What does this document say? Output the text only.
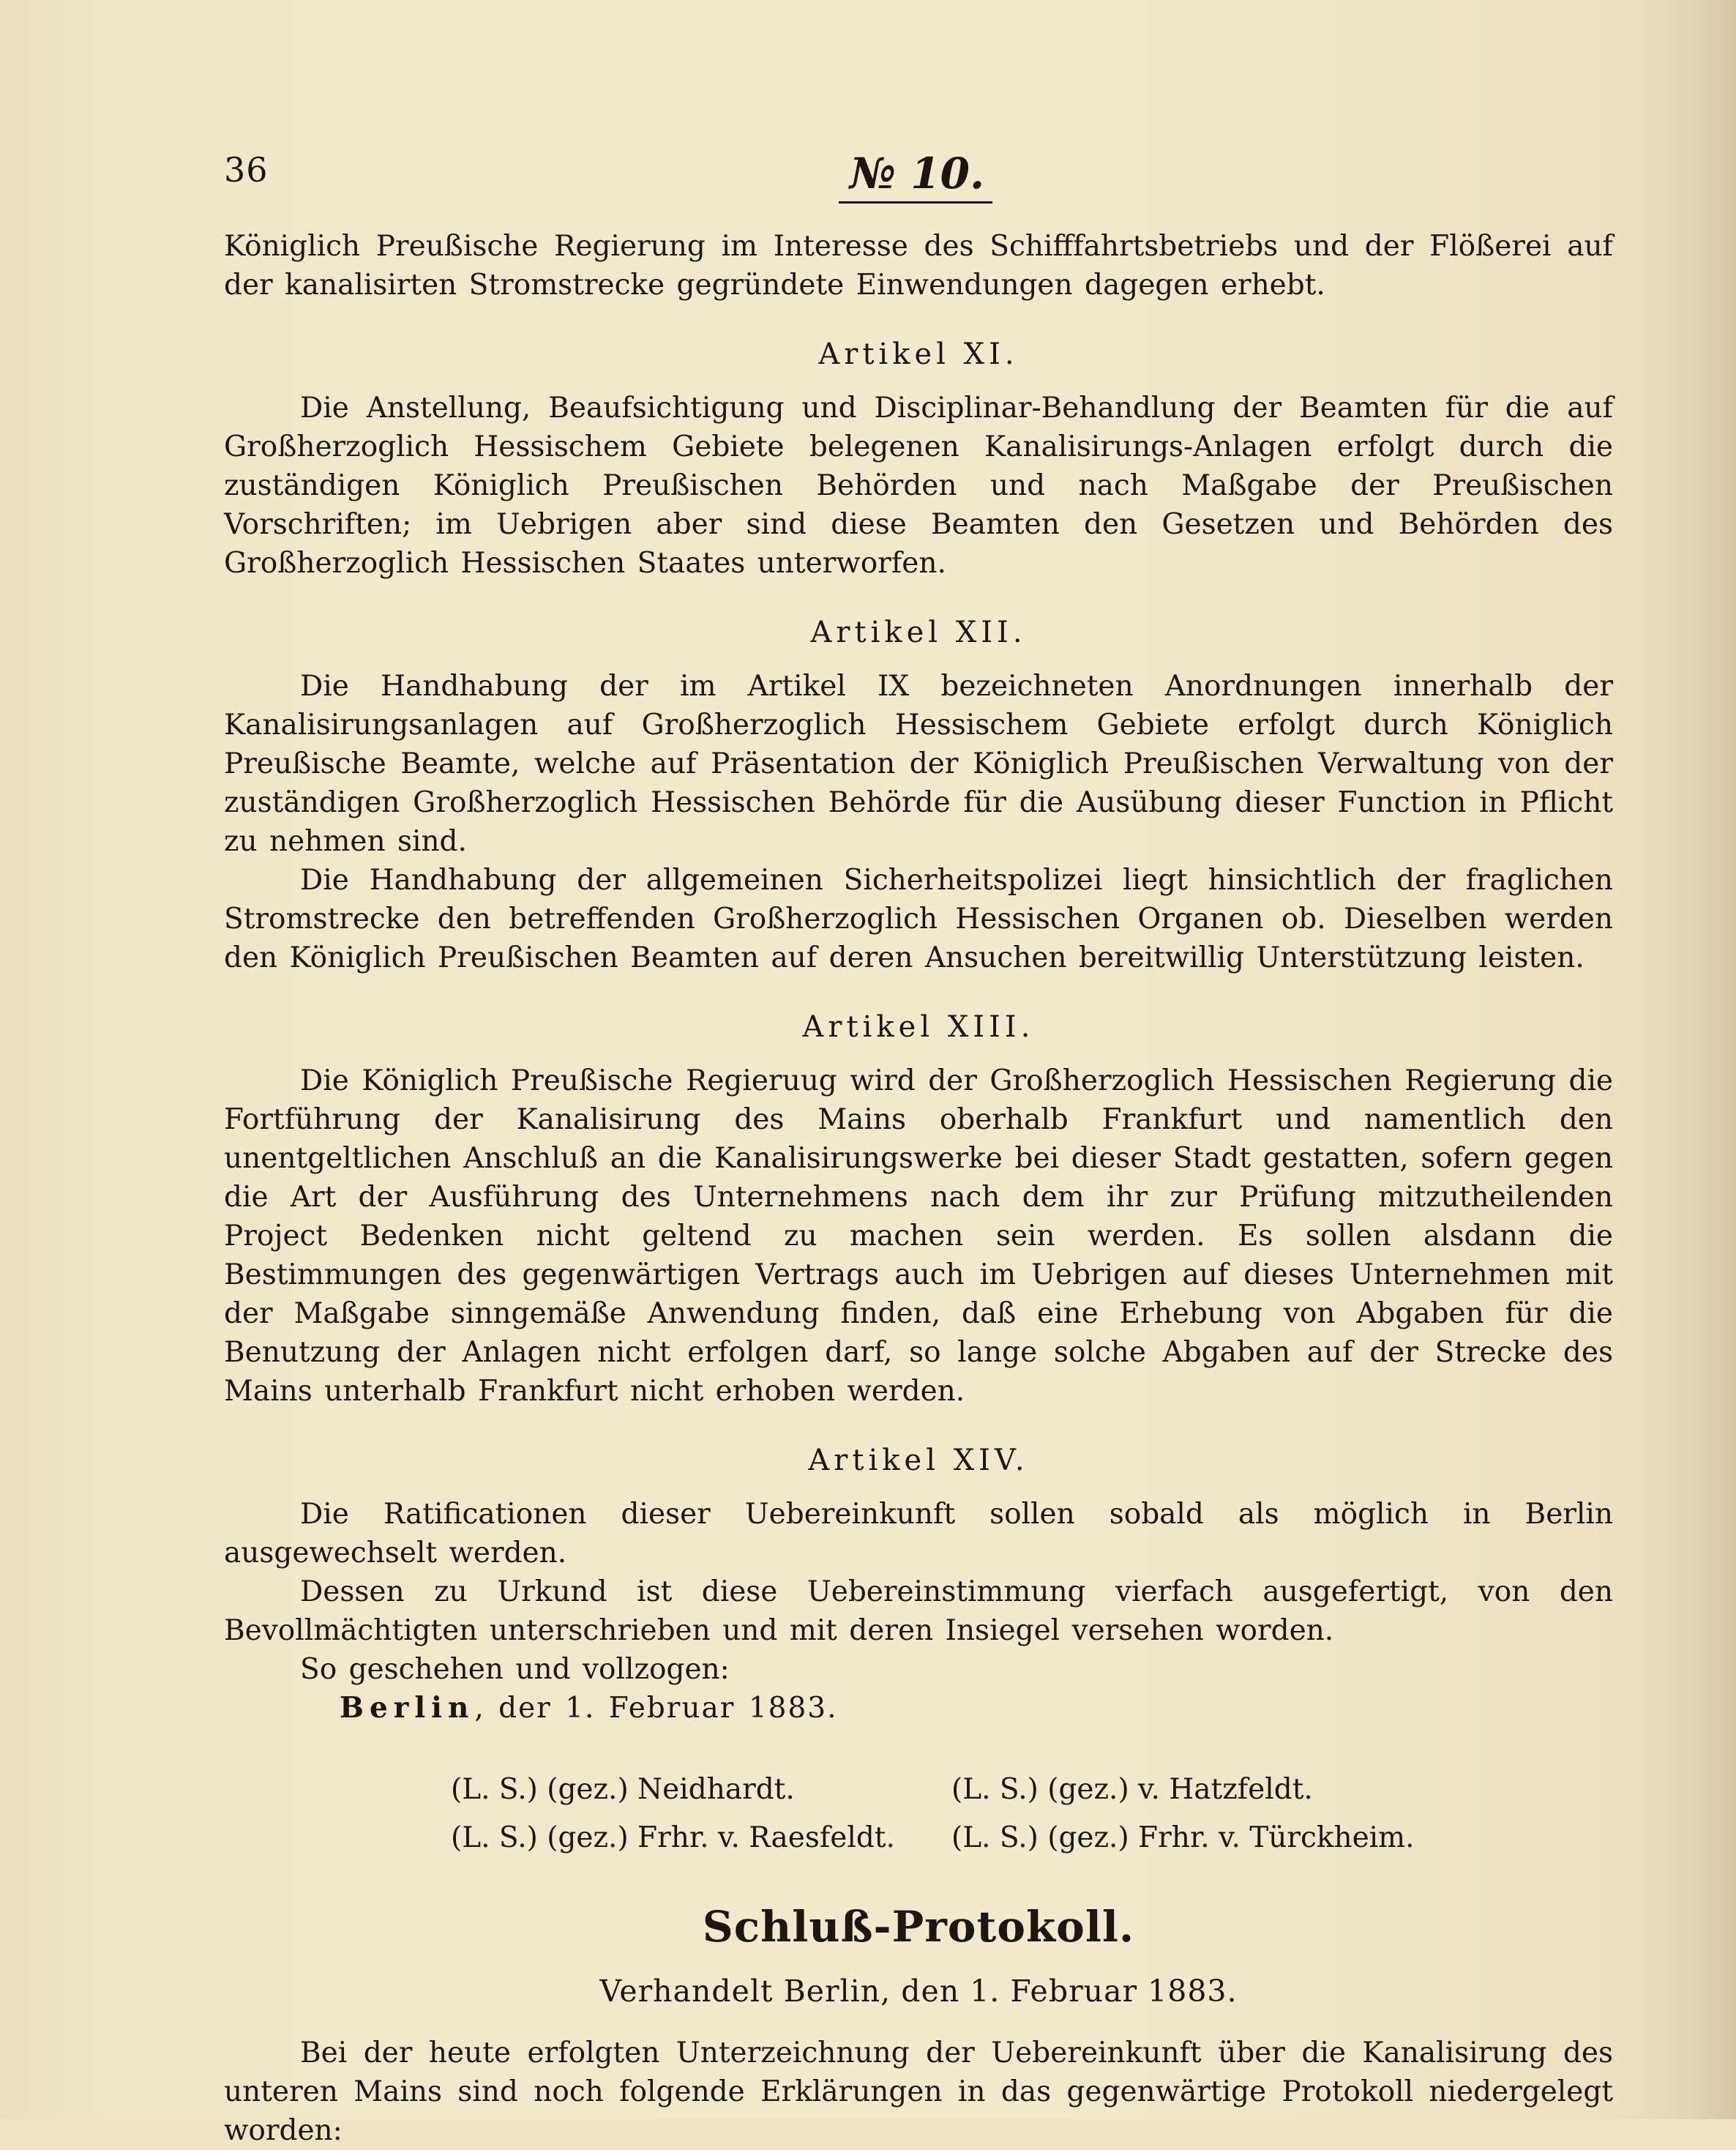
36	№ 10.

Königlich Preußische Regierung im Interesse des Schifffahrtsbetriebs und der Flößerei auf der kanalisirten Stromstrecke gegründete Einwendungen dagegen erhebt.

Artikel XI.

Die Anstellung, Beaufsichtigung und Disciplinar-Behandlung der Beamten für die auf Großherzoglich Hessischem Gebiete belegenen Kanalisirungs-Anlagen erfolgt durch die zuständigen Königlich Preußischen Behörden und nach Maßgabe der Preußischen Vorschriften; im Uebrigen aber sind diese Beamten den Gesetzen und Behörden des Großherzoglich Hessischen Staates unterworfen.

Artikel XII.

Die Handhabung der im Artikel IX bezeichneten Anordnungen innerhalb der Kanalisirungsanlagen auf Großherzoglich Hessischem Gebiete erfolgt durch Königlich Preußische Beamte, welche auf Präsentation der Königlich Preußischen Verwaltung von der zuständigen Großherzoglich Hessischen Behörde für die Ausübung dieser Function in Pflicht zu nehmen sind.

Die Handhabung der allgemeinen Sicherheitspolizei liegt hinsichtlich der fraglichen Stromstrecke den betreffenden Großherzoglich Hessischen Organen ob. Dieselben werden den Königlich Preußischen Beamten auf deren Ansuchen bereitwillig Unterstützung leisten.

Artikel XIII.

Die Königlich Preußische Regieruug wird der Großherzoglich Hessischen Regierung die Fortführung der Kanalisirung des Mains oberhalb Frankfurt und namentlich den unentgeltlichen Anschluß an die Kanalisirungswerke bei dieser Stadt gestatten, sofern gegen die Art der Ausführung des Unternehmens nach dem ihr zur Prüfung mitzutheilenden Project Bedenken nicht geltend zu machen sein werden. Es sollen alsdann die Bestimmungen des gegenwärtigen Vertrags auch im Uebrigen auf dieses Unternehmen mit der Maßgabe sinngemäße Anwendung finden, daß eine Erhebung von Abgaben für die Benutzung der Anlagen nicht erfolgen darf, so lange solche Abgaben auf der Strecke des Mains unterhalb Frankfurt nicht erhoben werden.

Artikel XIV.

Die Ratificationen dieser Uebereinkunft sollen sobald als möglich in Berlin ausgewechselt werden.

Dessen zu Urkund ist diese Uebereinstimmung vierfach ausgefertigt, von den Bevollmächtigten unterschrieben und mit deren Insiegel versehen worden.

So geschehen und vollzogen:

Berlin, der 1. Februar 1883.

(L. S.) (gez.) Neidhardt.	(L. S.) (gez.) v. Hatzfeldt.
(L. S.) (gez.) Frhr. v. Raesfeldt.	(L. S.) (gez.) Frhr. v. Türckheim.
Schluß-Protokoll.
Verhandelt Berlin, den 1. Februar 1883.

Bei der heute erfolgten Unterzeichnung der Uebereinkunft über die Kanalisirung des unteren Mains sind noch folgende Erklärungen in das gegenwärtige Protokoll niedergelegt worden:
